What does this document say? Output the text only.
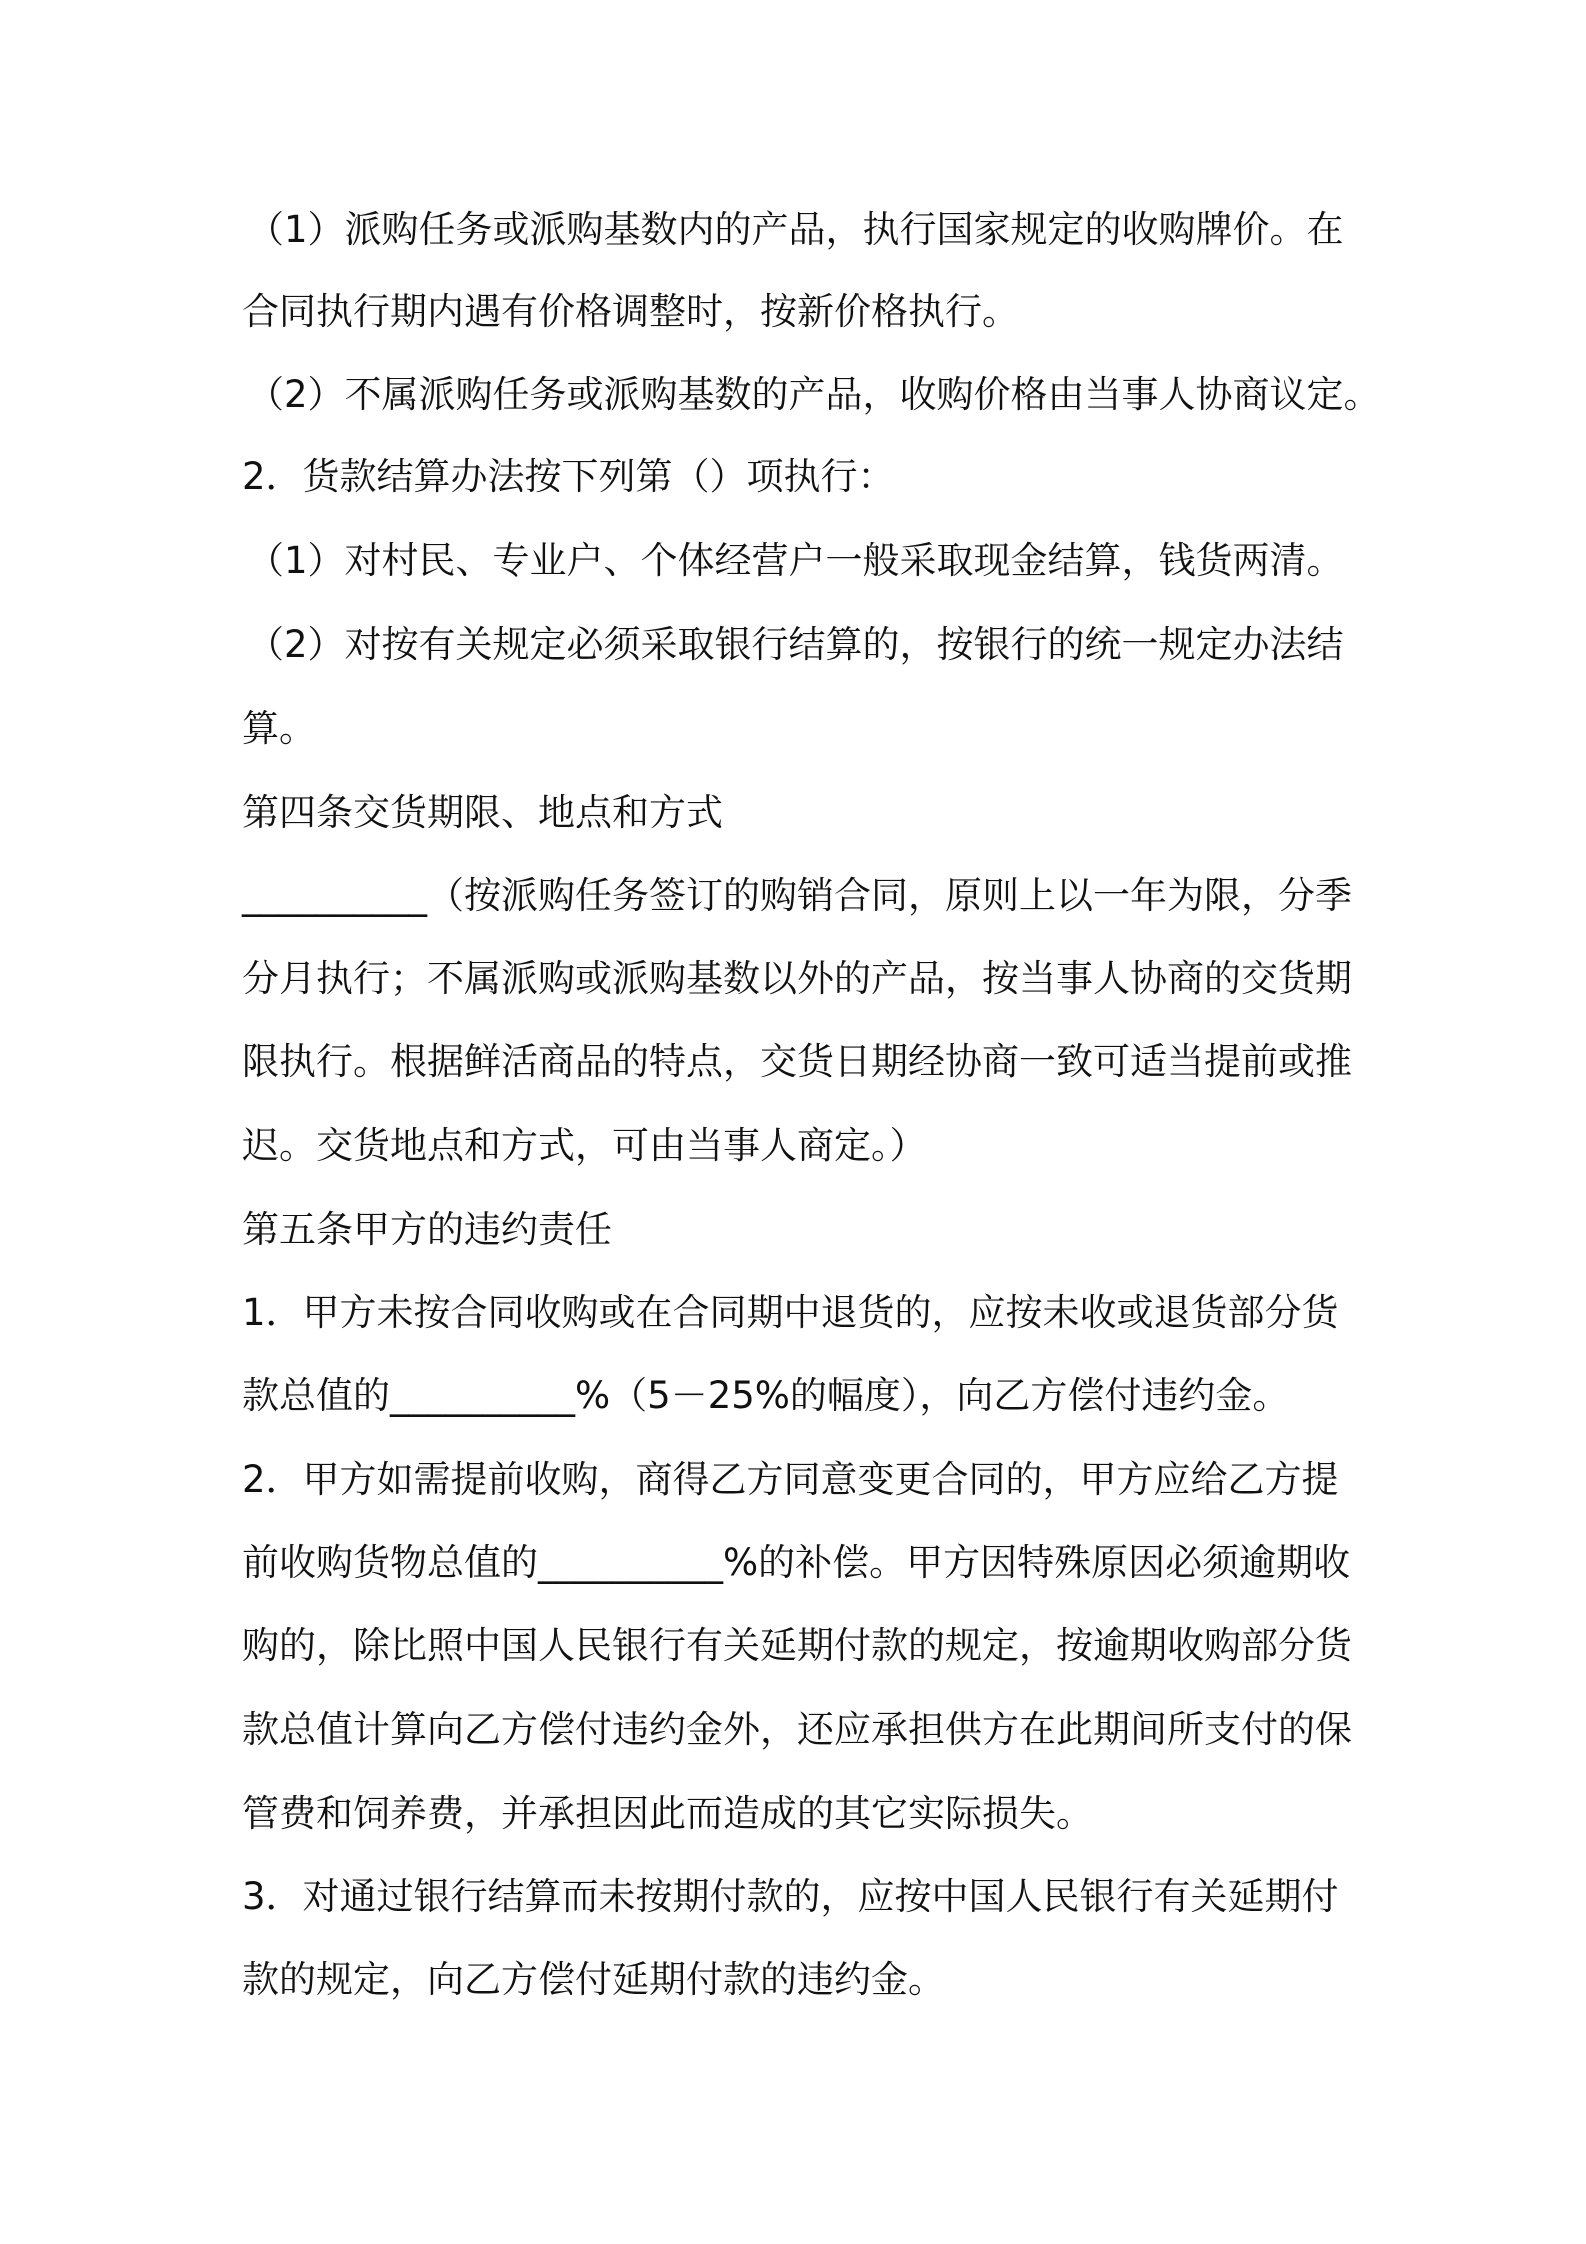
（1）派购任务或派购基数内的产品，执行国家规定的收购牌价。在
合同执行期内遇有价格调整时，按新价格执行。
（2）不属派购任务或派购基数的产品，收购价格由当事人协商议定。
2．货款结算办法按下列第（）项执行：
（1）对村民、专业户、个体经营户一般采取现金结算，钱货两清。
（2）对按有关规定必须采取银行结算的，按银行的统一规定办法结
算。
第四条交货期限、地点和方式
__________（按派购任务签订的购销合同，原则上以一年为限，分季
分月执行；不属派购或派购基数以外的产品，按当事人协商的交货期
限执行。根据鲜活商品的特点，交货日期经协商一致可适当提前或推
迟。交货地点和方式，可由当事人商定。）
第五条甲方的违约责任
1．甲方未按合同收购或在合同期中退货的，应按未收或退货部分货
款总值的__________%（5－25%的幅度），向乙方偿付违约金。
2．甲方如需提前收购，商得乙方同意变更合同的，甲方应给乙方提
前收购货物总值的__________%的补偿。甲方因特殊原因必须逾期收
购的，除比照中国人民银行有关延期付款的规定，按逾期收购部分货
款总值计算向乙方偿付违约金外，还应承担供方在此期间所支付的保
管费和饲养费，并承担因此而造成的其它实际损失。
3．对通过银行结算而未按期付款的，应按中国人民银行有关延期付
款的规定，向乙方偿付延期付款的违约金。
